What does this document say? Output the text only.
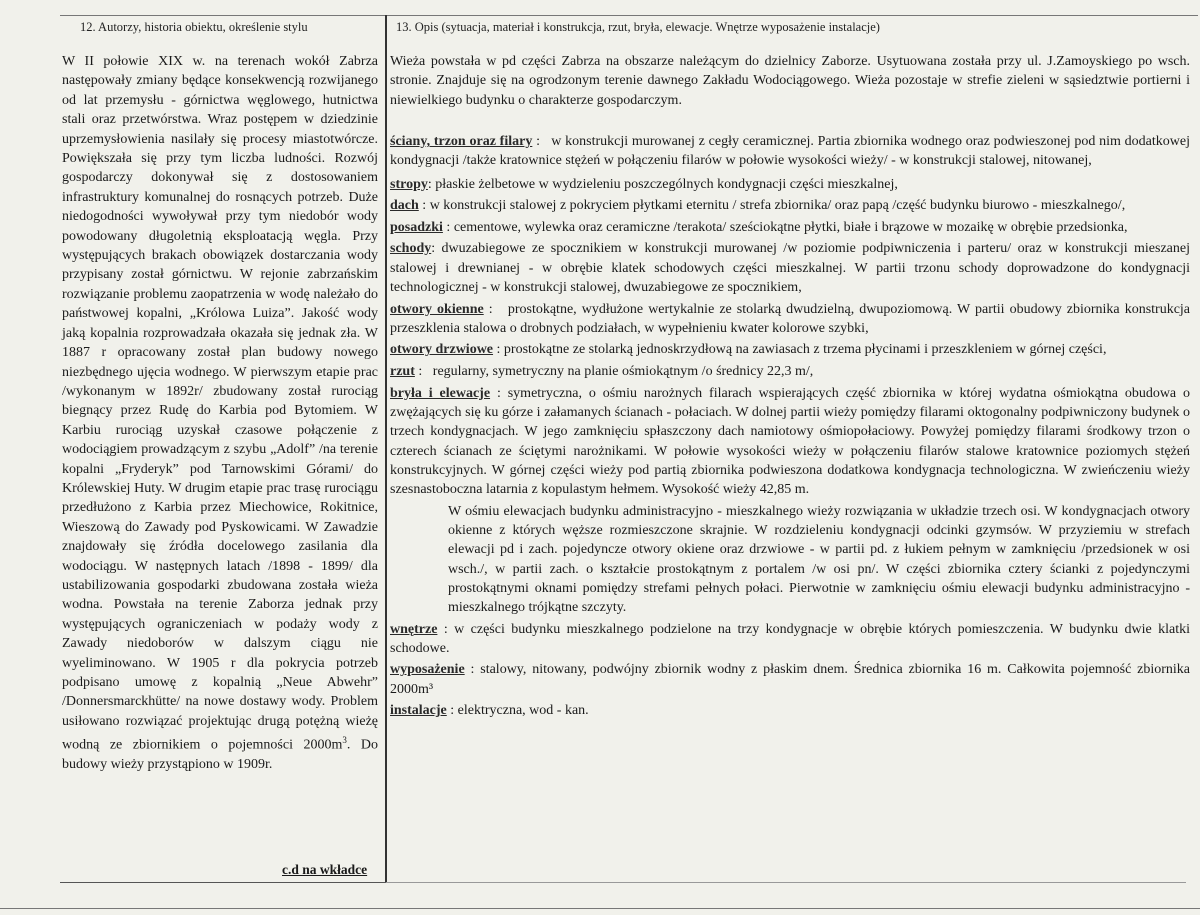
12. Autorzy, historia obiektu, określenie stylu	13. Opis (sytuacja, materiał i konstrukcja, rzut, bryła, elewacje. Wnętrze wyposażenie instalacje)

W II połowie XIX w. na terenach wokół Zabrza następowały zmiany będące konsekwencją rozwijanego od lat przemysłu - górnictwa węglowego, hutnictwa stali oraz przetwórstwa. Wraz postępem w dziedzinie uprzemysłowienia nasilały się procesy miastotwórcze. Powiększała się przy tym liczba ludności. Rozwój gospodarczy dokonywał się z dostosowaniem infrastruktury komunalnej do rosnących potrzeb. Duże niedogodności wywoływał przy tym niedobór wody powodowany długoletnią eksploatacją węgla. Przy występujących brakach obowiązek dostarczania wody przypisany został górnictwu. W rejonie zabrzańskim rozwiązanie problemu zaopatrzenia w wodę należało do państwowej kopalni, „Królowa Luiza”. Jakość wody jaką kopalnia rozprowadzała okazała się jednak zła. W 1887 r opracowany został plan budowy nowego niezbędnego ujęcia wodnego. W pierwszym etapie prac /wykonanym w 1892r/ zbudowany został rurociąg biegnący przez Rudę do Karbia pod Bytomiem. W Karbiu rurociąg uzyskał czasowe połączenie z wodociągiem prowadzącym z szybu „Adolf” /na terenie kopalni „Fryderyk” pod Tarnowskimi Górami/ do Królewskiej Huty. W drugim etapie prac trasę rurociągu przedłużono z Karbia przez Miechowice, Rokitnice, Wieszową do Zawady pod Pyskowicami. W Zawadzie znajdowały się źródła docelowego zasilania dla wodociągu. W następnych latach /1898 - 1899/ dla ustabilizowania gospodarki zbudowana została wieża wodna. Powstała na terenie Zaborza jednak przy występujących ograniczeniach w podaży wody z Zawady niedoborów w dalszym ciągu nie wyeliminowano. W 1905 r dla pokrycia potrzeb podpisano umowę z kopalnią „Neue Abwehr” /Donnersmarckhütte/ na nowe dostawy wody. Problem usiłowano rozwiązać projektując drugą potężną wieżę wodną ze zbiornikiem o pojemności $2000m^3$. Do budowy wieży przystąpiono w 1909r.

c.d na wkładce

Wieża powstała w pd części Zabrza na obszarze należącym do dzielnicy Zaborze. Usytuowana została przy ul. J.Zamoyskiego po wsch. stronie. Znajduje się na ogrodzonym terenie dawnego Zakładu Wodociągowego. Wieża pozostaje w strefie zieleni w sąsiedztwie portierni i niewielkiego budynku o charakterze gospodarczym.

ściany, trzon oraz filary : w konstrukcji murowanej z cegły ceramicznej. Partia zbiornika wodnego oraz podwieszonej pod nim dodatkowej kondygnacji /także kratownice stężeń w połączeniu filarów w połowie wysokości wieży/ - w konstrukcji stalowej, nitowanej,
stropy: płaskie żelbetowe w wydzieleniu poszczególnych kondygnacji części mieszkalnej,
dach : w konstrukcji stalowej z pokryciem płytkami eternitu / strefa zbiornika/ oraz papą /część budynku biurowo - mieszkalnego/,
posadzki : cementowe, wylewka oraz ceramiczne /terakota/ sześciokątne płytki, białe i brązowe w mozaikę w obrębie przedsionka,
schody: dwuzabiegowe ze spocznikiem w konstrukcji murowanej /w poziomie podpiwniczenia i parteru/ oraz w konstrukcji mieszanej stalowej i drewnianej - w obrębie klatek schodowych części mieszkalnej. W partii trzonu schody doprowadzone do kondygnacji technologicznej - w konstrukcji stalowej, dwuzabiegowe ze spocznikiem,
otwory okienne : prostokątne, wydłużone wertykalnie ze stolarką dwudzielną, dwupoziomową. W partii obudowy zbiornika konstrukcja przeszklenia stalowa o drobnych podziałach, w wypełnieniu kwater kolorowe szybki,
otwory drzwiowe : prostokątne ze stolarką jednoskrzydłową na zawiasach z trzema płycinami i przeszkleniem w górnej części,
rzut : regularny, symetryczny na planie ośmiokątnym /o średnicy 22,3 m/,
bryła i elewacje : symetryczna, o ośmiu narożnych filarach wspierających część zbiornika w której wydatna ośmiokątna obudowa o zwężających się ku górze i załamanych ścianach - połaciach. W dolnej partii wieży pomiędzy filarami oktogonalny podpiwniczony budynek o trzech kondygnacjach. W jego zamknięciu spłaszczony dach namiotowy ośmiopołaciowy. Powyżej pomiędzy filarami środkowy trzon o czterech ścianach ze ściętymi narożnikami. W połowie wysokości wieży w połączeniu filarów stalowe kratownice poziomych stężeń konstrukcyjnych. W górnej części wieży pod partią zbiornika podwieszona dodatkowa kondygnacja technologiczna. W zwieńczeniu wieży szesnastoboczna latarnia z kopulastym hełmem. Wysokość wieży 42,85 m.
W ośmiu elewacjach budynku administracyjno - mieszkalnego wieży rozwiązania w układzie trzech osi. W kondygnacjach otwory okienne z których węższe rozmieszczone skrajnie. W rozdzieleniu kondygnacji odcinki gzymsów. W przyziemiu w strefach elewacji pd i zach. pojedyncze otwory okiene oraz drzwiowe - w partii pd. z łukiem pełnym w zamknięciu /przedsionek w osi wsch./, w partii zach. o kształcie prostokątnym z portalem /w osi pn/. W części zbiornika cztery ścianki z pojedynczymi prostokątnymi oknami pomiędzy strefami pełnych połaci. Pierwotnie w zamknięciu ośmiu elewacji budynku administracyjno - mieszkalnego trójkątne szczyty.
wnętrze : w części budynku mieszkalnego podzielone na trzy kondygnacje w obrębie których pomieszczenia. W budynku dwie klatki schodowe.
wyposażenie : stalowy, nitowany, podwójny zbiornik wodny z płaskim dnem. Średnica zbiornika 16 m. Całkowita pojemność zbiornika 2000m³
instalacje : elektryczna, wod - kan.
